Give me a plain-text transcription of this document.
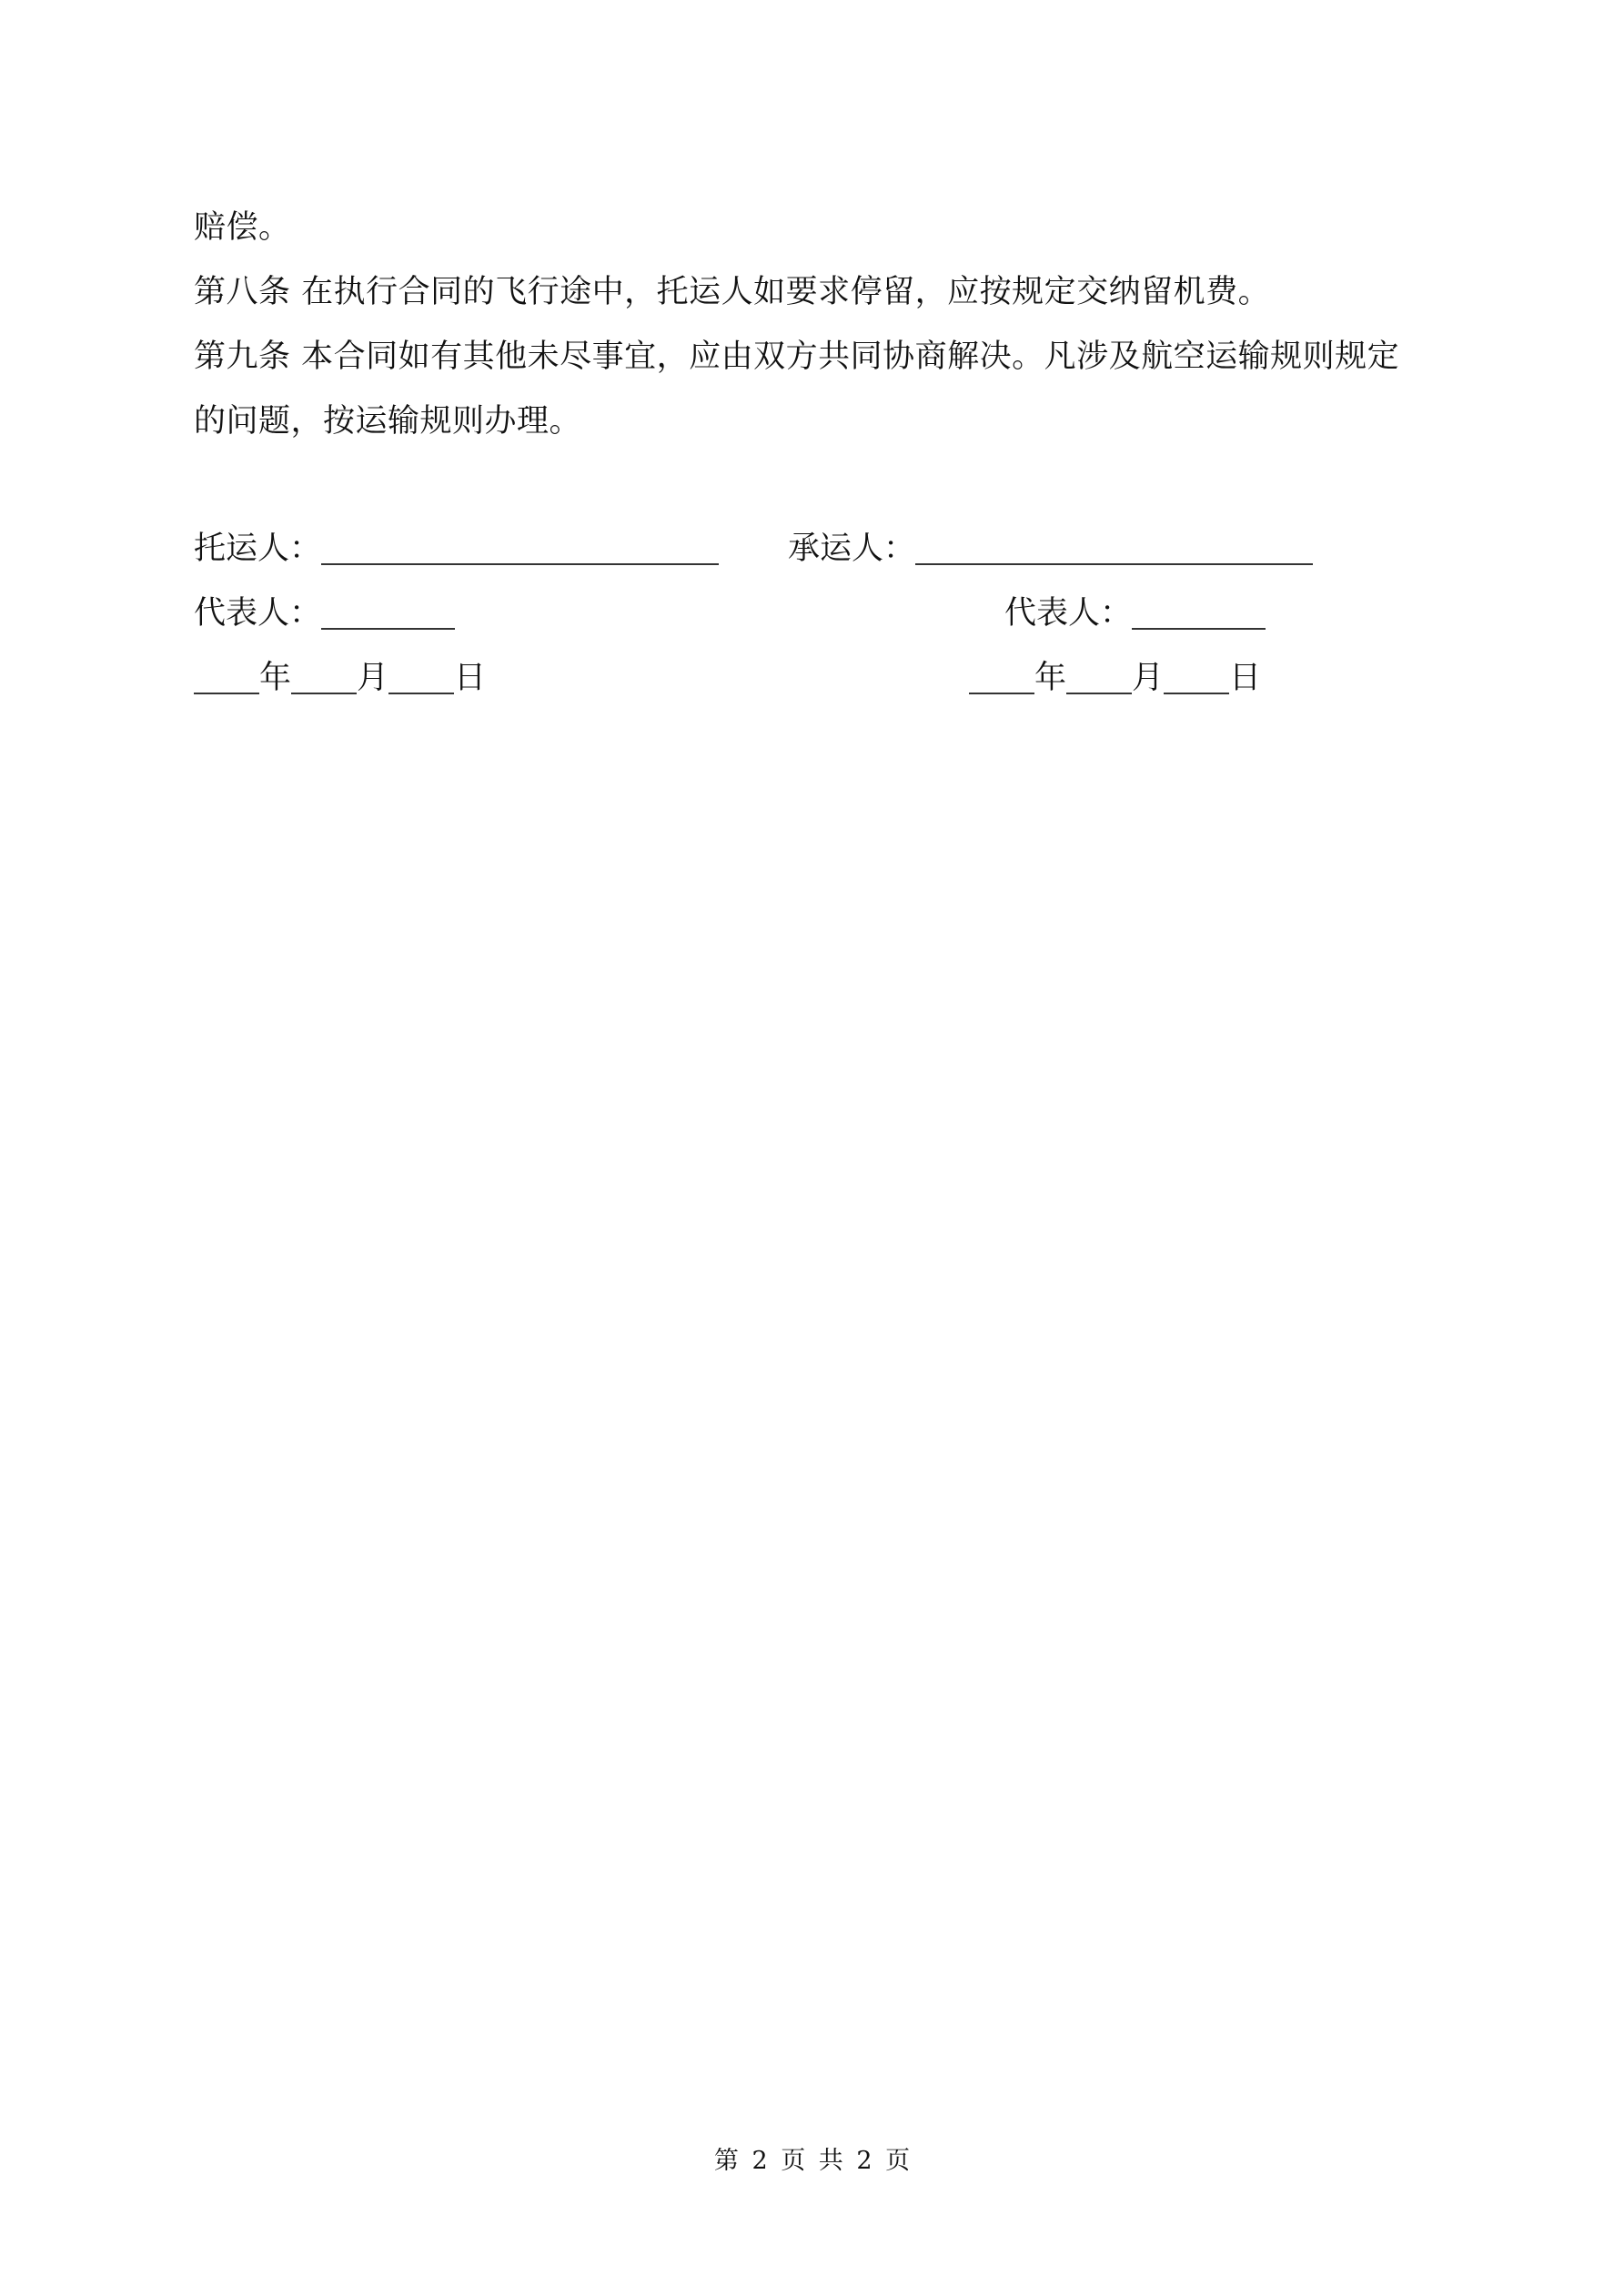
赔偿。
第八条 在执行合同的飞行途中，托运人如要求停留，应按规定交纳留机费。
第九条 本合同如有其他未尽事宜，应由双方共同协商解决。凡涉及航空运输规则规定
的问题，按运输规则办理。
托运人：	承运人：
代表人：	代表人：
年 月 日	年 月 日
第 2 页 共 2 页
